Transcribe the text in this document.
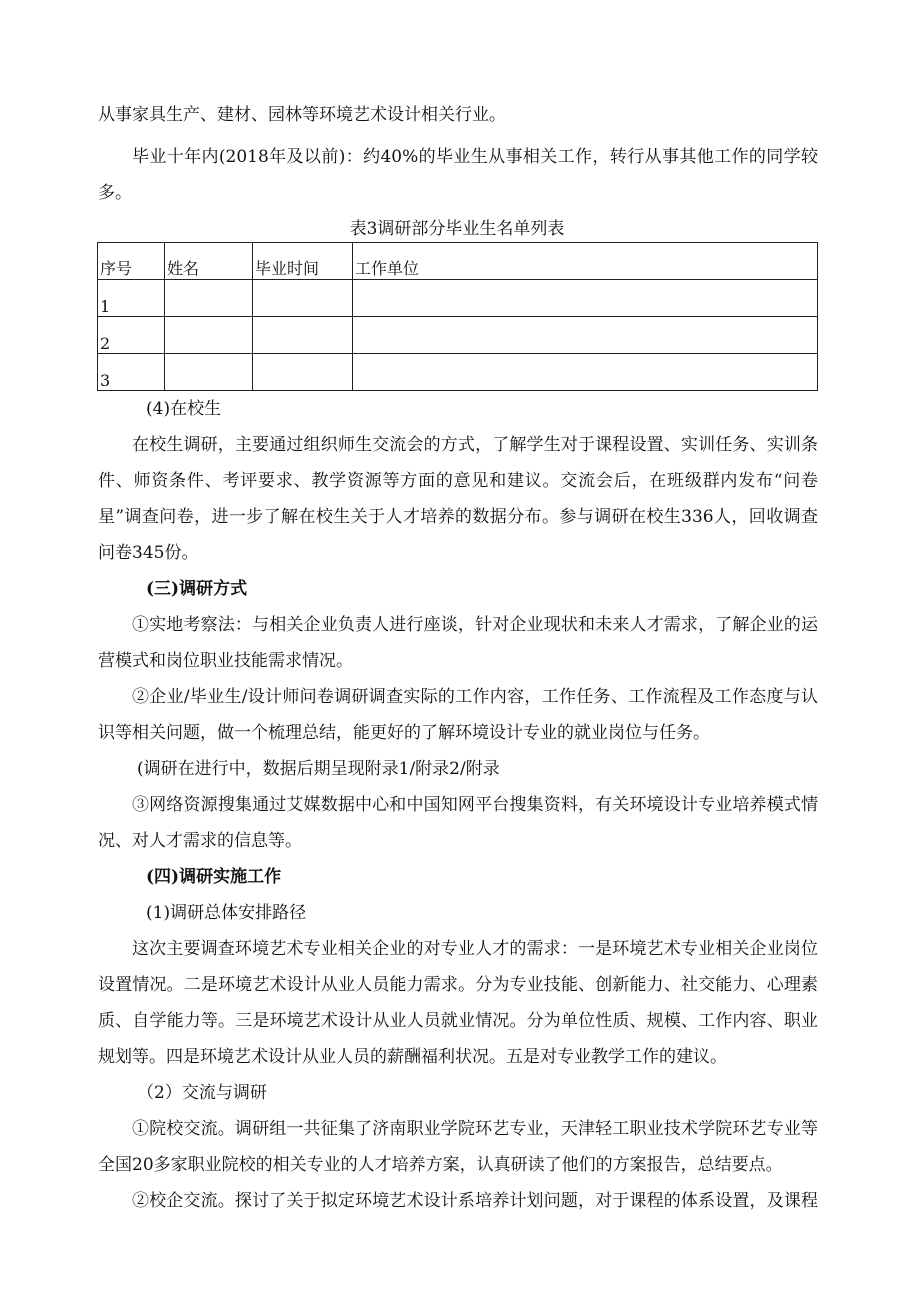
从事家具生产、建材、园林等环境艺术设计相关行业。
毕业十年内(2018年及以前)：约40%的毕业生从事相关工作，转行从事其他工作的同学较
多。
表3调研部分毕业生名单列表
序号	姓名	毕业时间	工作单位
1			
2			
3			
(4)在校生
在校生调研，主要通过组织师生交流会的方式，了解学生对于课程设置、实训任务、实训条
件、师资条件、考评要求、教学资源等方面的意见和建议。交流会后，在班级群内发布“问卷
星”调查问卷，进一步了解在校生关于人才培养的数据分布。参与调研在校生336人，回收调查
问卷345份。
(三)调研方式
①实地考察法：与相关企业负责人进行座谈，针对企业现状和未来人才需求，了解企业的运
营模式和岗位职业技能需求情况。
②企业/毕业生/设计师问卷调研调查实际的工作内容，工作任务、工作流程及工作态度与认
识等相关问题，做一个梳理总结，能更好的了解环境设计专业的就业岗位与任务。
(调研在进行中，数据后期呈现附录1/附录2/附录
③网络资源搜集通过艾媒数据中心和中国知网平台搜集资料，有关环境设计专业培养模式情
况、对人才需求的信息等。
(四)调研实施工作
(1)调研总体安排路径
这次主要调查环境艺术专业相关企业的对专业人才的需求：一是环境艺术专业相关企业岗位
设置情况。二是环境艺术设计从业人员能力需求。分为专业技能、创新能力、社交能力、心理素
质、自学能力等。三是环境艺术设计从业人员就业情况。分为单位性质、规模、工作内容、职业
规划等。四是环境艺术设计从业人员的薪酬福利状况。五是对专业教学工作的建议。
（2）交流与调研
①院校交流。调研组一共征集了济南职业学院环艺专业，天津轻工职业技术学院环艺专业等
全国20多家职业院校的相关专业的人才培养方案，认真研读了他们的方案报告，总结要点。
②校企交流。探讨了关于拟定环境艺术设计系培养计划问题，对于课程的体系设置，及课程
